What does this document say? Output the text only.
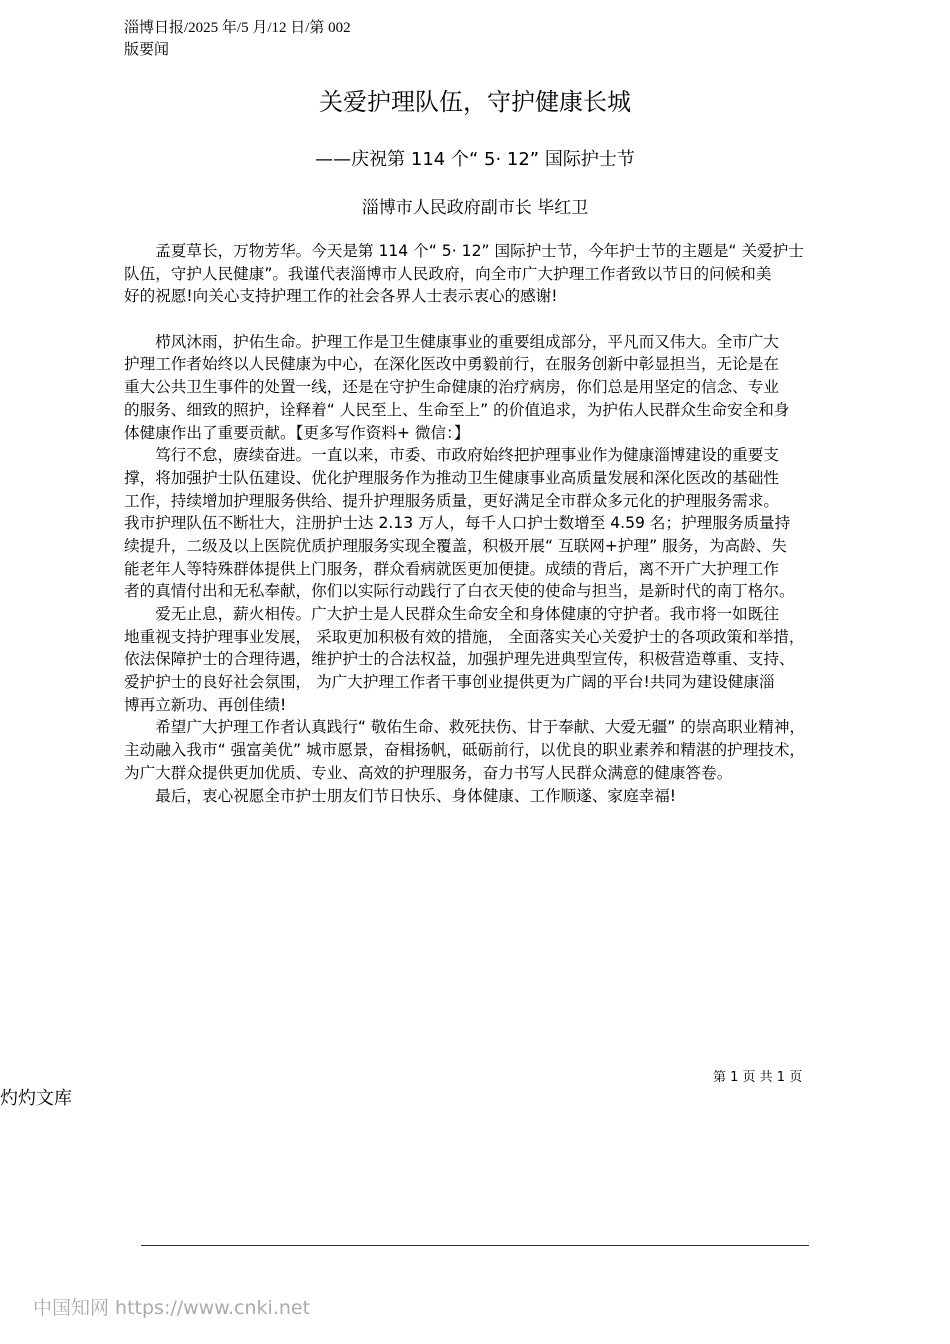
淄博日报/2025 年/5 月/12 日/第 002
版要闻
关爱护理队伍，守护健康长城
——庆祝第 114 个“ 5· 12” 国际护士节
淄博市人民政府副市长 毕红卫
　　孟夏草长，万物芳华。今天是第 114 个“ 5· 12” 国际护士节，今年护士节的主题是“ 关爱护士
队伍，守护人民健康”。我谨代表淄博市人民政府，向全市广大护理工作者致以节日的问候和美
好的祝愿!向关心支持护理工作的社会各界人士表示衷心的感谢!
　　栉风沐雨，护佑生命。护理工作是卫生健康事业的重要组成部分，平凡而又伟大。全市广大
护理工作者始终以人民健康为中心，在深化医改中勇毅前行，在服务创新中彰显担当，无论是在
重大公共卫生事件的处置一线，还是在守护生命健康的治疗病房，你们总是用坚定的信念、专业
的服务、细致的照护，诠释着“ 人民至上、生命至上” 的价值追求，为护佑人民群众生命安全和身
体健康作出了重要贡献。【更多写作资料+ 微信：】
　　笃行不怠，赓续奋进。一直以来，市委、市政府始终把护理事业作为健康淄博建设的重要支
撑，将加强护士队伍建设、优化护理服务作为推动卫生健康事业高质量发展和深化医改的基础性
工作，持续增加护理服务供给、提升护理服务质量，更好满足全市群众多元化的护理服务需求。
我市护理队伍不断壮大，注册护士达 2.13 万人，每千人口护士数增至 4.59 名；护理服务质量持
续提升，二级及以上医院优质护理服务实现全覆盖，积极开展“ 互联网+护理” 服务，为高龄、失
能老年人等特殊群体提供上门服务，群众看病就医更加便捷。成绩的背后，离不开广大护理工作
者的真情付出和无私奉献，你们以实际行动践行了白衣天使的使命与担当，是新时代的南丁格尔。
　　爱无止息，薪火相传。广大护士是人民群众生命安全和身体健康的守护者。我市将一如既往
地重视支持护理事业发展， 采取更加积极有效的措施， 全面落实关心关爱护士的各项政策和举措，
依法保障护士的合理待遇，维护护士的合法权益，加强护理先进典型宣传，积极营造尊重、支持、
爱护护士的良好社会氛围， 为广大护理工作者干事创业提供更为广阔的平台!共同为建设健康淄
博再立新功、再创佳绩!
　　希望广大护理工作者认真践行“ 敬佑生命、救死扶伤、甘于奉献、大爱无疆” 的崇高职业精神，
主动融入我市“ 强富美优” 城市愿景，奋楫扬帆，砥砺前行，以优良的职业素养和精湛的护理技术，
为广大群众提供更加优质、专业、高效的护理服务，奋力书写人民群众满意的健康答卷。
　　最后，衷心祝愿全市护士朋友们节日快乐、身体健康、工作顺遂、家庭幸福!
第 1 页 共 1 页
灼灼文库
中国知网 https://www.cnki.net
